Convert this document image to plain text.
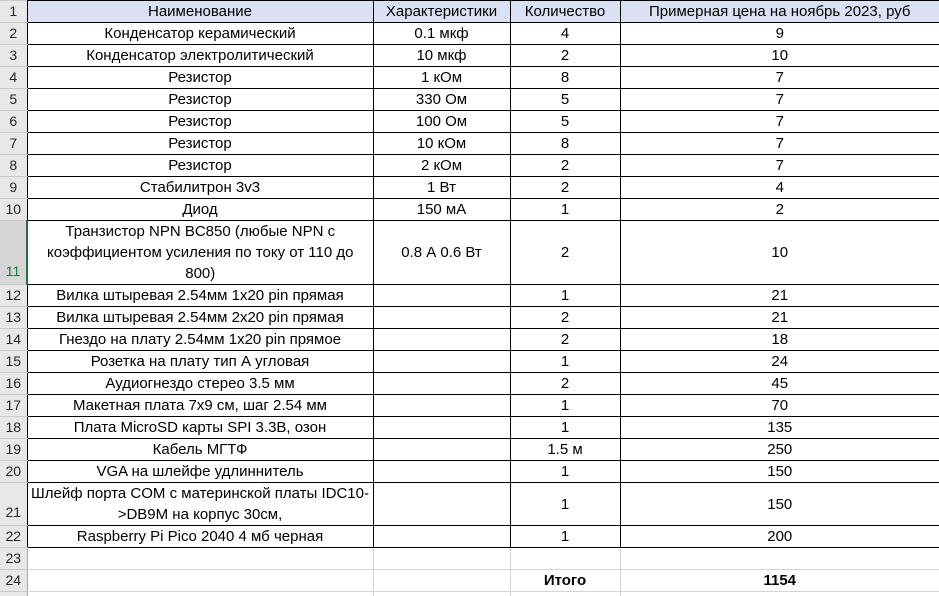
1	Наименование	Характеристики	Количество	Примерная цена на ноябрь 2023, руб
2	Конденсатор керамический	0.1 мкф	4	9
3	Конденсатор электролитический	10 мкф	2	10
4	Резистор	1 кОм	8	7
5	Резистор	330 Ом	5	7
6	Резистор	100 Ом	5	7
7	Резистор	10 кОм	8	7
8	Резистор	2 кОм	2	7
9	Стабилитрон 3v3	1 Вт	2	4
10	Диод	150 мА	1	2
11	Транзистор NPN BC850 (любые NPN с коэффициентом усиления по току от 110 до 800)	0.8 А 0.6 Вт	2	10
12	Вилка штыревая 2.54мм 1x20 pin прямая		1	21
13	Вилка штыревая 2.54мм 2x20 pin прямая		2	21
14	Гнездо на плату 2.54мм 1x20 pin прямое		2	18
15	Розетка на плату тип А угловая		1	24
16	Аудиогнездо стерео 3.5 мм		2	45
17	Макетная плата 7x9 см, шаг 2.54 мм		1	70
18	Плата MicroSD карты SPI 3.3В, озон		1	135
19	Кабель МГТФ		1.5 м	250
20	VGA на шлейфе удлиннитель		1	150
21	Шлейф порта COM с материнской платы IDC10->DB9M на корпус 30см,		1	150
22	Raspberry Pi Pico 2040 4 мб черная		1	200
23				
24			Итого	1154
